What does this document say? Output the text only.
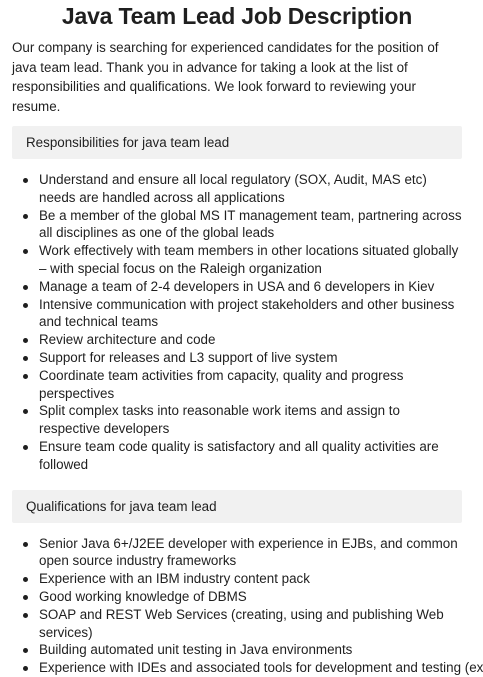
Java Team Lead Job Description

Our company is searching for experienced candidates for the position of java team lead. Thank you in advance for taking a look at the list of responsibilities and qualifications. We look forward to reviewing your resume.

Responsibilities for java team lead
Understand and ensure all local regulatory (SOX, Audit, MAS etc) needs are handled across all applications
Be a member of the global MS IT management team, partnering across all disciplines as one of the global leads
Work effectively with team members in other locations situated globally – with special focus on the Raleigh organization
Manage a team of 2-4 developers in USA and 6 developers in Kiev
Intensive communication with project stakeholders and other business and technical teams
Review architecture and code
Support for releases and L3 support of live system
Coordinate team activities from capacity, quality and progress perspectives
Split complex tasks into reasonable work items and assign to respective developers
Ensure team code quality is satisfactory and all quality activities are followed
Qualifications for java team lead
Senior Java 6+/J2EE developer with experience in EJBs, and common open source industry frameworks
Experience with an IBM industry content pack
Good working knowledge of DBMS
SOAP and REST Web Services (creating, using and publishing Web services)
Building automated unit testing in Java environments
Experience with IDEs and associated tools for development and testing (ex
